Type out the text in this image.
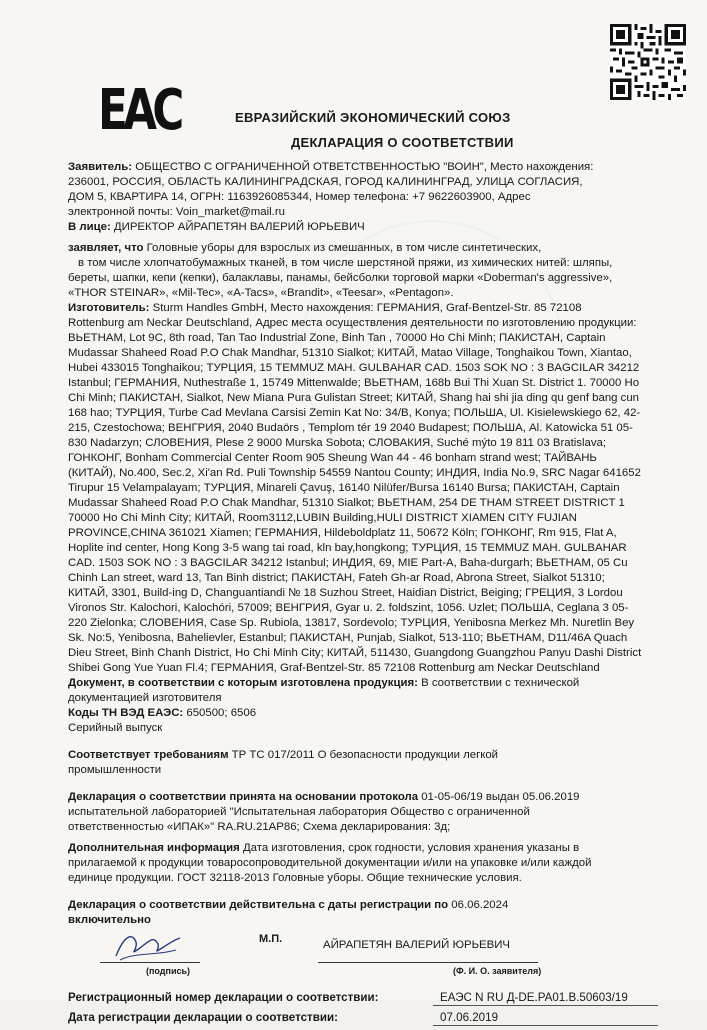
ЕАС	ЕВРАЗИЙСКИЙ ЭКОНОМИЧЕСКИЙ СОЮЗ
ДЕКЛАРАЦИЯ О СООТВЕТСТВИИ
Заявитель: ОБЩЕСТВО С ОГРАНИЧЕННОЙ ОТВЕТСТВЕННОСТЬЮ "ВОИН", Место нахождения:
236001, РОССИЯ, ОБЛАСТЬ КАЛИНИНГРАДСКАЯ, ГОРОД КАЛИНИНГРАД, УЛИЦА СОГЛАСИЯ,
ДОМ 5, КВАРТИРА 14, ОГРН: 1163926085344, Номер телефона: +7 9622603900, Адрес
электронной почты: Voin_market@mail.ru
В лице: ДИРЕКТОР АЙРАПЕТЯН ВАЛЕРИЙ ЮРЬЕВИЧ
заявляет, что Головные уборы для взрослых из смешанных, в том числе синтетических,
в том числе хлопчатобумажных тканей, в том числе шерстяной пряжи, из химических нитей: шляпы,
береты, шапки, кепи (кепки), балаклавы, панамы, бейсболки торговой марки «Doberman's aggressive»,
«THOR STEINAR», «Mil-Tec», «A-Tacs», «Brandit», «Teesar», «Pentagon».
Изготовитель: Sturm Handles GmbH, Место нахождения: ГЕРМАНИЯ, Graf-Bentzel-Str. 85 72108
Rottenburg am Neckar Deutschland, Адрес места осуществления деятельности по изготовлению продукции:
ВЬЕТНАМ, Lot 9C, 8th road, Tan Tao Industrial Zone, Binh Tan , 70000 Ho Chi Minh; ПАКИСТАН, Captain
Mudassar Shaheed Road P.O Chak Mandhar, 51310 Sialkot; КИТАЙ, Matao Village, Tonghaikou Town, Xiantao,
Hubei 433015 Tonghaikou; ТУРЦИЯ, 15 TEMMUZ MAH. GULBAHAR CAD. 1503 SOK NO : 3 BAGCILAR 34212
Istanbul; ГЕРМАНИЯ, Nuthestraße 1, 15749 Mittenwalde; ВЬЕТНАМ, 168b Bui Thi Xuan St. District 1. 70000 Ho
Chi Minh; ПАКИСТАН, Sialkot, New Miana Pura Gulistan Street; КИТАЙ, Shang hai shi jia ding qu genf bang cun
168 hao; ТУРЦИЯ, Turbe Cad Mevlana Carsisi Zemin Kat No: 34/B, Konya; ПОЛЬША, Ul. Kisielewskiego 62, 42-
215, Czestochowa; ВЕНГРИЯ, 2040 Budaörs , Templom tér 19 2040 Budapest; ПОЛЬША, Al. Katowicka 51 05-
830 Nadarzyn; СЛОВЕНИЯ, Plese 2 9000 Murska Sobota; СЛОВАКИЯ, Suché mýto 19 811 03 Bratislava;
ГОНКОНГ, Bonham Commercial Center Room 905 Sheung Wan 44 - 46 bonham strand west; ТАЙВАНЬ
(КИТАЙ), No.400, Sec.2, Xi'an Rd. Puli Township 54559 Nantou County; ИНДИЯ, India No.9, SRC Nagar 641652
Tirupur 15 Velampalayam; ТУРЦИЯ, Minareli Çavuş, 16140 Nilüfer/Bursa 16140 Bursa; ПАКИСТАН, Captain
Mudassar Shaheed Road P.O Chak Mandhar, 51310 Sialkot; ВЬЕТНАМ, 254 DE THAM STREET DISTRICT 1
70000 Ho Chi Minh City; КИТАЙ, Room3112,LUBIN Building,HULI DISTRICT XIAMEN CITY FUJIAN
PROVINCE,CHINA 361021 Xiamen; ГЕРМАНИЯ, Hildeboldplatz 11, 50672 Köln; ГОНКОНГ, Rm 915, Flat A,
Hoplite ind center, Hong Kong 3-5 wang tai road, kln bay,hongkong; ТУРЦИЯ, 15 TEMMUZ MAH. GULBAHAR
CAD. 1503 SOK NO : 3 BAGCILAR 34212 Istanbul; ИНДИЯ, 69, MIE Part-A, Baha-durgarh; ВЬЕТНАМ, 05 Cu
Chinh Lan street, ward 13, Tan Binh district; ПАКИСТАН, Fateh Gh-ar Road, Abrona Street, Sialkot 51310;
КИТАЙ, 3301, Build-ing D, Changuantiandi № 18 Suzhou Street, Haidian District, Beiging; ГРЕЦИЯ, 3 Lordou
Vironos Str. Kalochori, Kalochóri, 57009; ВЕНГРИЯ, Gyar u. 2. foldszint, 1056. Uzlet; ПОЛЬША, Ceglana 3 05-
220 Zielonka; СЛОВЕНИЯ, Case Sp. Rubiola, 13817, Sordevolo; ТУРЦИЯ, Yenibosna Merkez Mh. Nuretlin Bey
Sk. No:5, Yenibosna, Bahelievler, Estanbul; ПАКИСТАН, Punjab, Sialkot, 513-110; ВЬЕТНАМ, D11/46A Quach
Dieu Street, Binh Chanh District, Ho Chi Minh City; КИТАЙ, 511430, Guangdong Guangzhou Panyu Dashi District
Shibei Gong Yue Yuan Fl.4; ГЕРМАНИЯ, Graf-Bentzel-Str. 85 72108 Rottenburg am Neckar Deutschland
Документ, в соответствии с которым изготовлена продукция: В соответствии с технической
документацией изготовителя
Коды ТН ВЭД ЕАЭС: 650500; 6506
Серийный выпуск
Соответствует требованиям ТР ТС 017/2011 О безопасности продукции легкой
промышленности
Декларация о соответствии принята на основании протокола 01-05-06/19 выдан 05.06.2019
испытательной лабораторией "Испытательная лаборатория Общество с ограниченной
ответственностью «ИПАК»" RA.RU.21AP86; Схема декларирования: 3д;
Дополнительная информация Дата изготовления, срок годности, условия хранения указаны в
прилагаемой к продукции товаросопроводительной документации и/или на упаковке и/или каждой
единице продукции. ГОСТ 32118-2013 Головные уборы. Общие технические условия.
Декларация о соответствии действительна с даты регистрации по 06.06.2024
включительно
М.П.	АЙРАПЕТЯН ВАЛЕРИЙ ЮРЬЕВИЧ
(подпись)	(Ф. И. О. заявителя)
Регистрационный номер декларации о соответствии:	ЕАЭС N RU Д-DE.PA01.B.50603/19
Дата регистрации декларации о соответствии:	07.06.2019
